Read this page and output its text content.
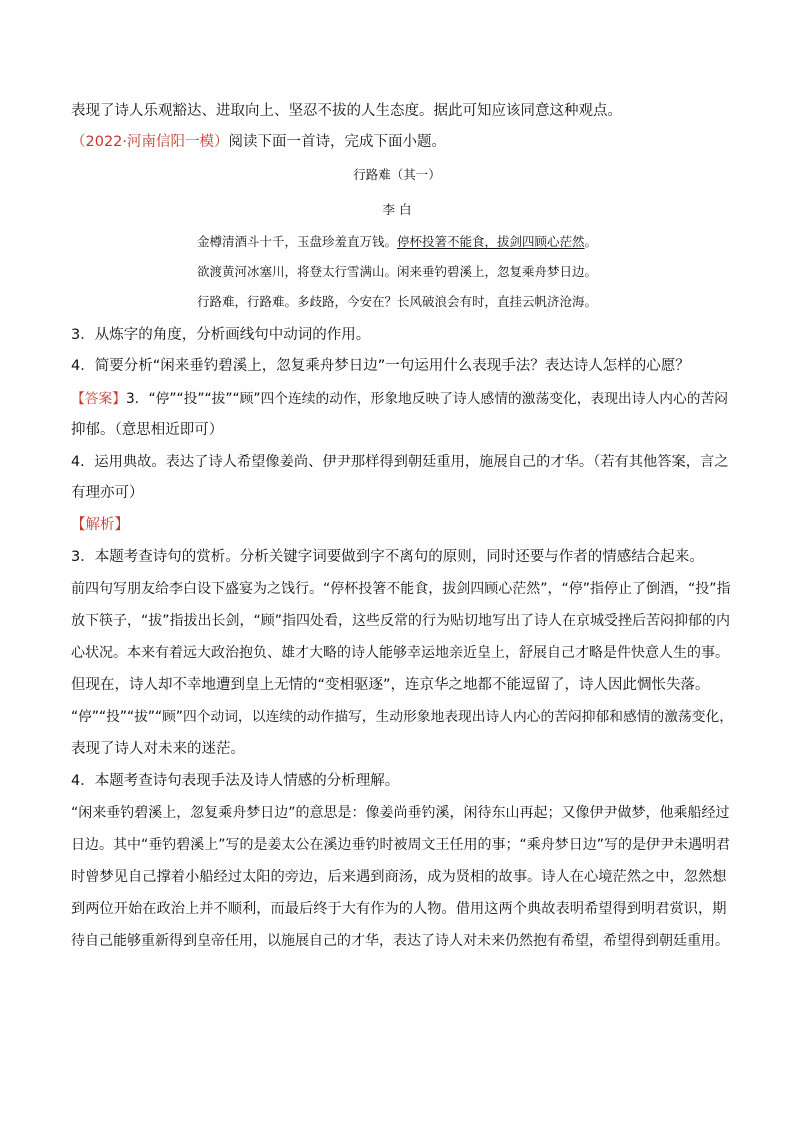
表现了诗人乐观豁达、进取向上、坚忍不拔的人生态度。据此可知应该同意这种观点。
（2022·河南信阳一模）阅读下面一首诗，完成下面小题。
行路难（其一）
李 白
金樽清酒斗十千，玉盘珍羞直万钱。停杯投箸不能食，拔剑四顾心茫然。
欲渡黄河冰塞川，将登太行雪满山。闲来垂钓碧溪上，忽复乘舟梦日边。
行路难，行路难。多歧路，今安在？长风破浪会有时，直挂云帆济沧海。
3．从炼字的角度，分析画线句中动词的作用。
4．简要分析“闲来垂钓碧溪上，忽复乘舟梦日边”一句运用什么表现手法？表达诗人怎样的心愿？
【答案】3．“停”“投”“拔”“顾”四个连续的动作，形象地反映了诗人感情的激荡变化，表现出诗人内心的苦闷
抑郁。（意思相近即可）
4．运用典故。表达了诗人希望像姜尚、伊尹那样得到朝廷重用，施展自己的才华。（若有其他答案，言之
有理亦可）
【解析】
3．本题考查诗句的赏析。分析关键字词要做到字不离句的原则，同时还要与作者的情感结合起来。
前四句写朋友给李白设下盛宴为之饯行。“停杯投箸不能食，拔剑四顾心茫然”，“停”指停止了倒酒，“投”指
放下筷子，“拔”指拔出长剑，“顾”指四处看，这些反常的行为贴切地写出了诗人在京城受挫后苦闷抑郁的内
心状况。本来有着远大政治抱负、雄才大略的诗人能够幸运地亲近皇上，舒展自己才略是件快意人生的事。
但现在，诗人却不幸地遭到皇上无情的“变相驱逐”，连京华之地都不能逗留了，诗人因此惆怅失落。
“停”“投”“拔”“顾”四个动词，以连续的动作描写，生动形象地表现出诗人内心的苦闷抑郁和感情的激荡变化，
表现了诗人对未来的迷茫。
4．本题考查诗句表现手法及诗人情感的分析理解。
“闲来垂钓碧溪上，忽复乘舟梦日边”的意思是：像姜尚垂钓溪，闲待东山再起；又像伊尹做梦，他乘船经过
日边。其中“垂钓碧溪上”写的是姜太公在溪边垂钓时被周文王任用的事；“乘舟梦日边”写的是伊尹未遇明君
时曾梦见自己撑着小船经过太阳的旁边，后来遇到商汤，成为贤相的故事。诗人在心境茫然之中，忽然想
到两位开始在政治上并不顺利，而最后终于大有作为的人物。借用这两个典故表明希望得到明君赏识，期
待自己能够重新得到皇帝任用，以施展自己的才华，表达了诗人对未来仍然抱有希望，希望得到朝廷重用。
